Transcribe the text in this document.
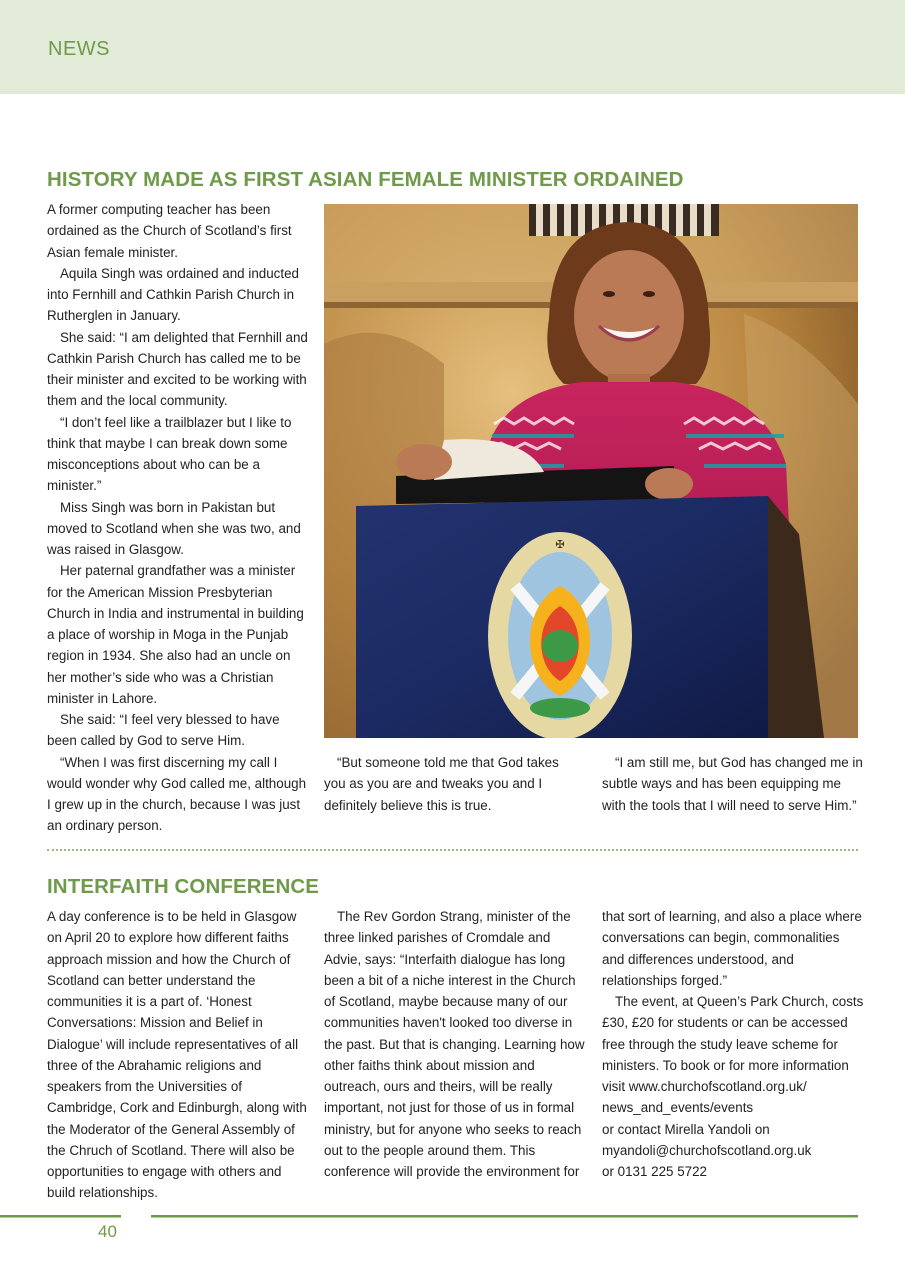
NEWS
HISTORY MADE AS FIRST ASIAN FEMALE MINISTER ORDAINED

A former computing teacher has been ordained as the Church of Scotland’s first Asian female minister.

Aquila Singh was ordained and inducted into Fernhill and Cathkin Parish Church in Rutherglen in January.

She said: “I am delighted that Fernhill and Cathkin Parish Church has called me to be their minister and excited to be working with them and the local community.

“I don’t feel like a trailblazer but I like to think that maybe I can break down some misconceptions about who can be a minister.”

Miss Singh was born in Pakistan but moved to Scotland when she was two, and was raised in Glasgow.

Her paternal grandfather was a minister for the American Mission Presbyterian Church in India and instrumental in building a place of worship in Moga in the Punjab region in 1934. She also had an uncle on her mother’s side who was a Christian minister in Lahore.

She said: “I feel very blessed to have been called by God to serve Him.

“When I was first discerning my call I would wonder why God called me, although I grew up in the church, because I was just an ordinary person.

✠

“But someone told me that God takes you as you are and tweaks you and I definitely believe this is true.

“I am still me, but God has changed me in subtle ways and has been equipping me with the tools that I will need to serve Him.”

INTERFAITH CONFERENCE

A day conference is to be held in Glasgow on April 20 to explore how different faiths approach mission and how the Church of Scotland can better understand the communities it is a part of. ‘Honest Conversations: Mission and Belief in Dialogue’ will include representatives of all three of the Abrahamic religions and speakers from the Universities of Cambridge, Cork and Edinburgh, along with the Moderator of the General Assembly of the Chruch of Scotland. There will also be opportunities to engage with others and build relationships.

The Rev Gordon Strang, minister of the three linked parishes of Cromdale and Advie, says: “Interfaith dialogue has long been a bit of a niche interest in the Church of Scotland, maybe because many of our communities haven't looked too diverse in the past. But that is changing. Learning how other faiths think about mission and outreach, ours and theirs, will be really important, not just for those of us in formal ministry, but for anyone who seeks to reach out to the people around them. This conference will provide the environment for

that sort of learning, and also a place where conversations can begin, commonalities and differences understood, and relationships forged.”

The event, at Queen’s Park Church, costs £30, £20 for students or can be accessed free through the study leave scheme for ministers. To book or for more information visit www.churchofscotland.org.uk/ news_and_events/events

or contact Mirella Yandoli on

myandoli@churchofscotland.org.uk

or 0131 225 5722

40
